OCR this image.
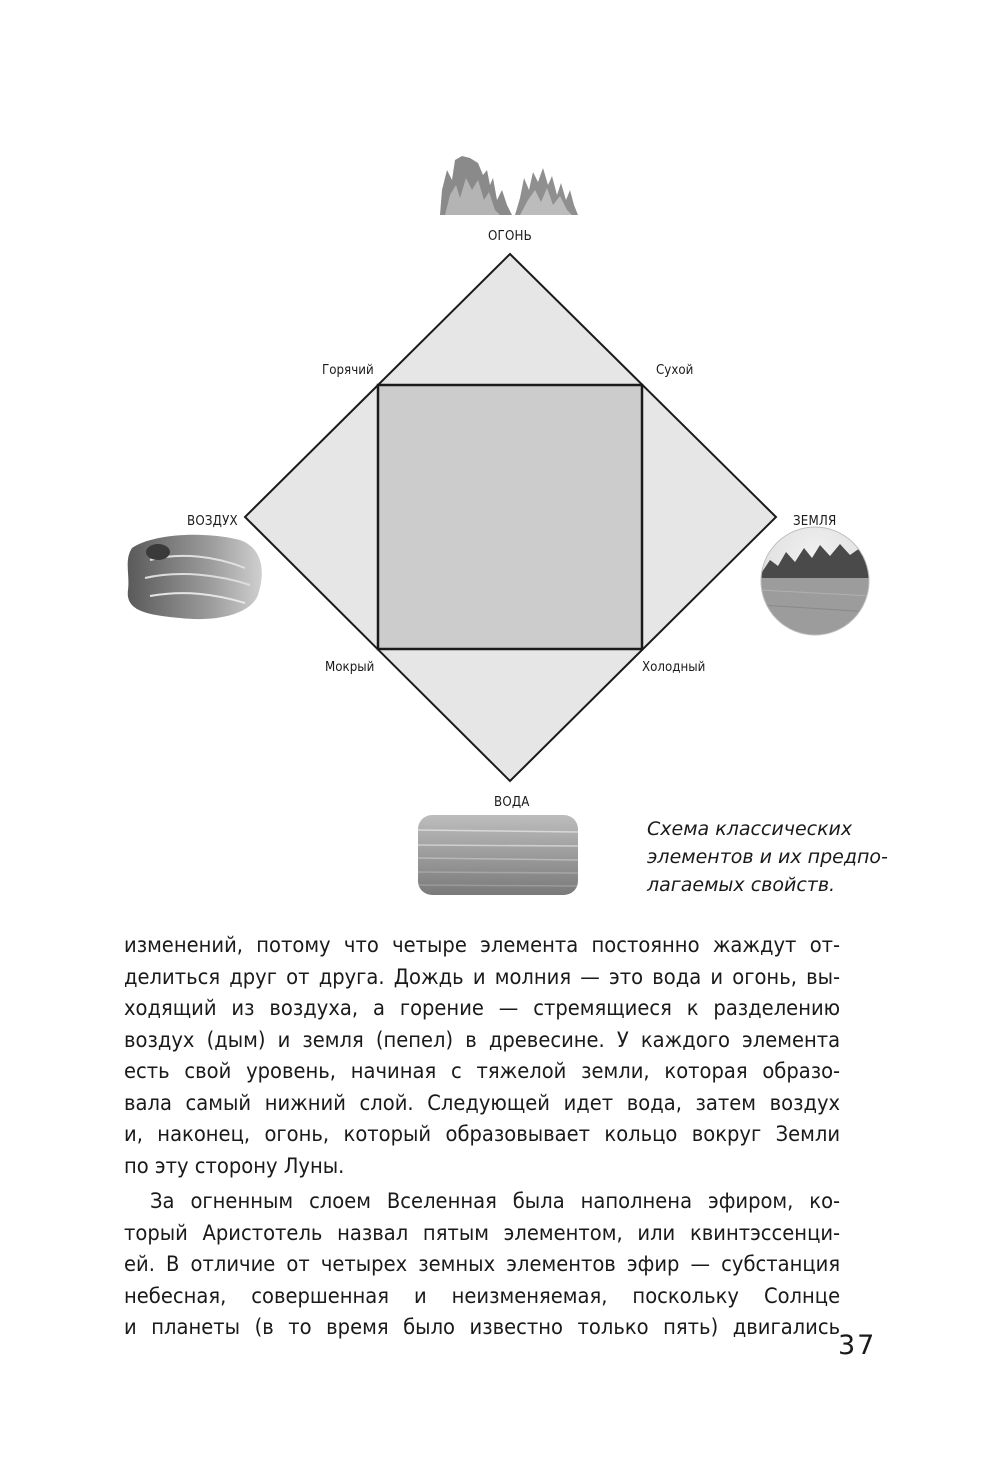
ОГОНЬ
ВОЗДУХ	ЗЕМЛЯ
ВОДА
Горячий	Сухой
Мокрый	Холодный
Схема классических
элементов и их предпо-
лагаемых свойств.
изменений, потому что четыре элемента постоянно жаждут от-
делиться друг от друга. Дождь и молния — это вода и огонь, вы-
ходящий из воздуха, а горение — стремящиеся к разделению
воздух (дым) и земля (пепел) в древесине. У каждого элемента
есть свой уровень, начиная с тяжелой земли, которая образо-
вала самый нижний слой. Следующей идет вода, затем воздух
и, наконец, огонь, который образовывает кольцо вокруг Земли
по эту сторону Луны.
За огненным слоем Вселенная была наполнена эфиром, ко-
торый Аристотель назвал пятым элементом, или квинтэссенци-
ей. В отличие от четырех земных элементов эфир — субстанция
небесная, совершенная и неизменяемая, поскольку Солнце
и планеты (в то время было известно только пять) двигались
37
